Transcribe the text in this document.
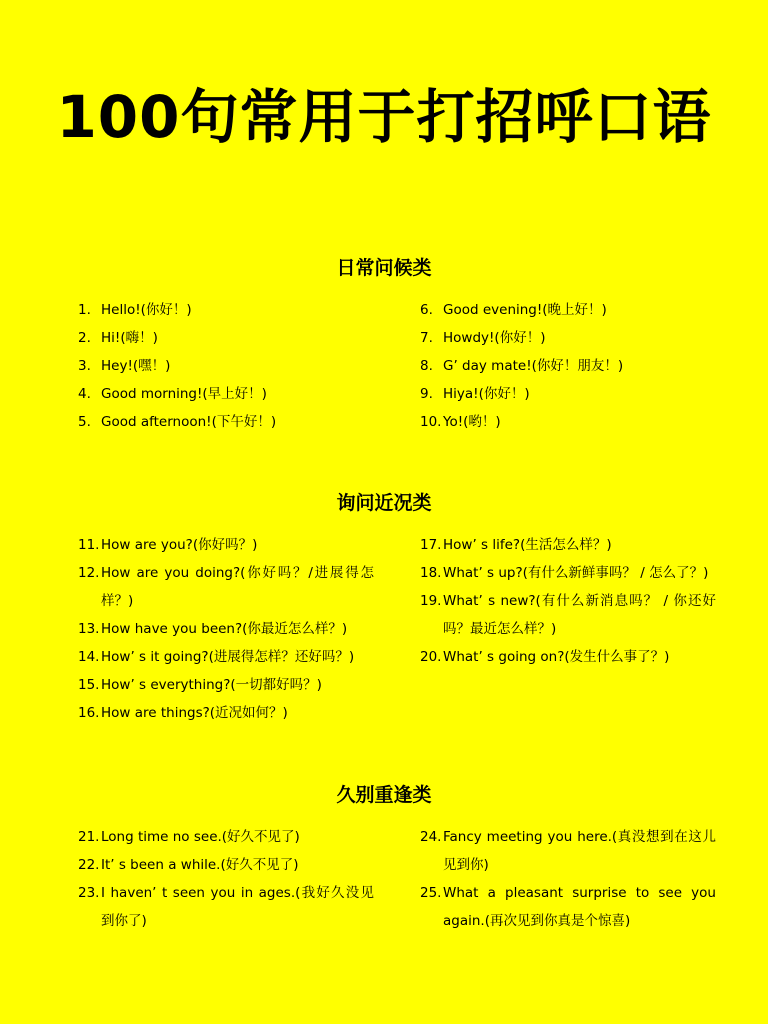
100句常用于打招呼口语
日常问候类
1. Hello!(你好！)
2. Hi!(嗨！)
3. Hey!(嘿！)
4. Good morning!(早上好！)
5. Good afternoon!(下午好！)
6. Good evening!(晚上好！)
7. Howdy!(你好！)
8. G’ day mate!(你好！朋友！)
9. Hiya!(你好！)
10. Yo!(哟！)
询问近况类
11. How are you?(你好吗？)
12. How are you doing?(你好吗？/进展得怎样？)
13. How have you been?(你最近怎么样？)
14. How’ s it going?(进展得怎样？还好吗？)
15. How’ s everything?(一切都好吗？)
16. How are things?(近况如何？)
17. How’ s life?(生活怎么样？)
18. What’ s up?(有什么新鲜事吗？ / 怎么了？)
19. What’ s new?(有什么新消息吗？ / 你还好吗？最近怎么样？)
20. What’ s going on?(发生什么事了？)
久别重逢类
21. Long time no see.(好久不见了)
22. It’ s been a while.(好久不见了)
23. I haven’ t seen you in ages.(我好久没见到你了)
24. Fancy meeting you here.(真没想到在这儿见到你)
25. What a pleasant surprise to see you again.(再次见到你真是个惊喜)
